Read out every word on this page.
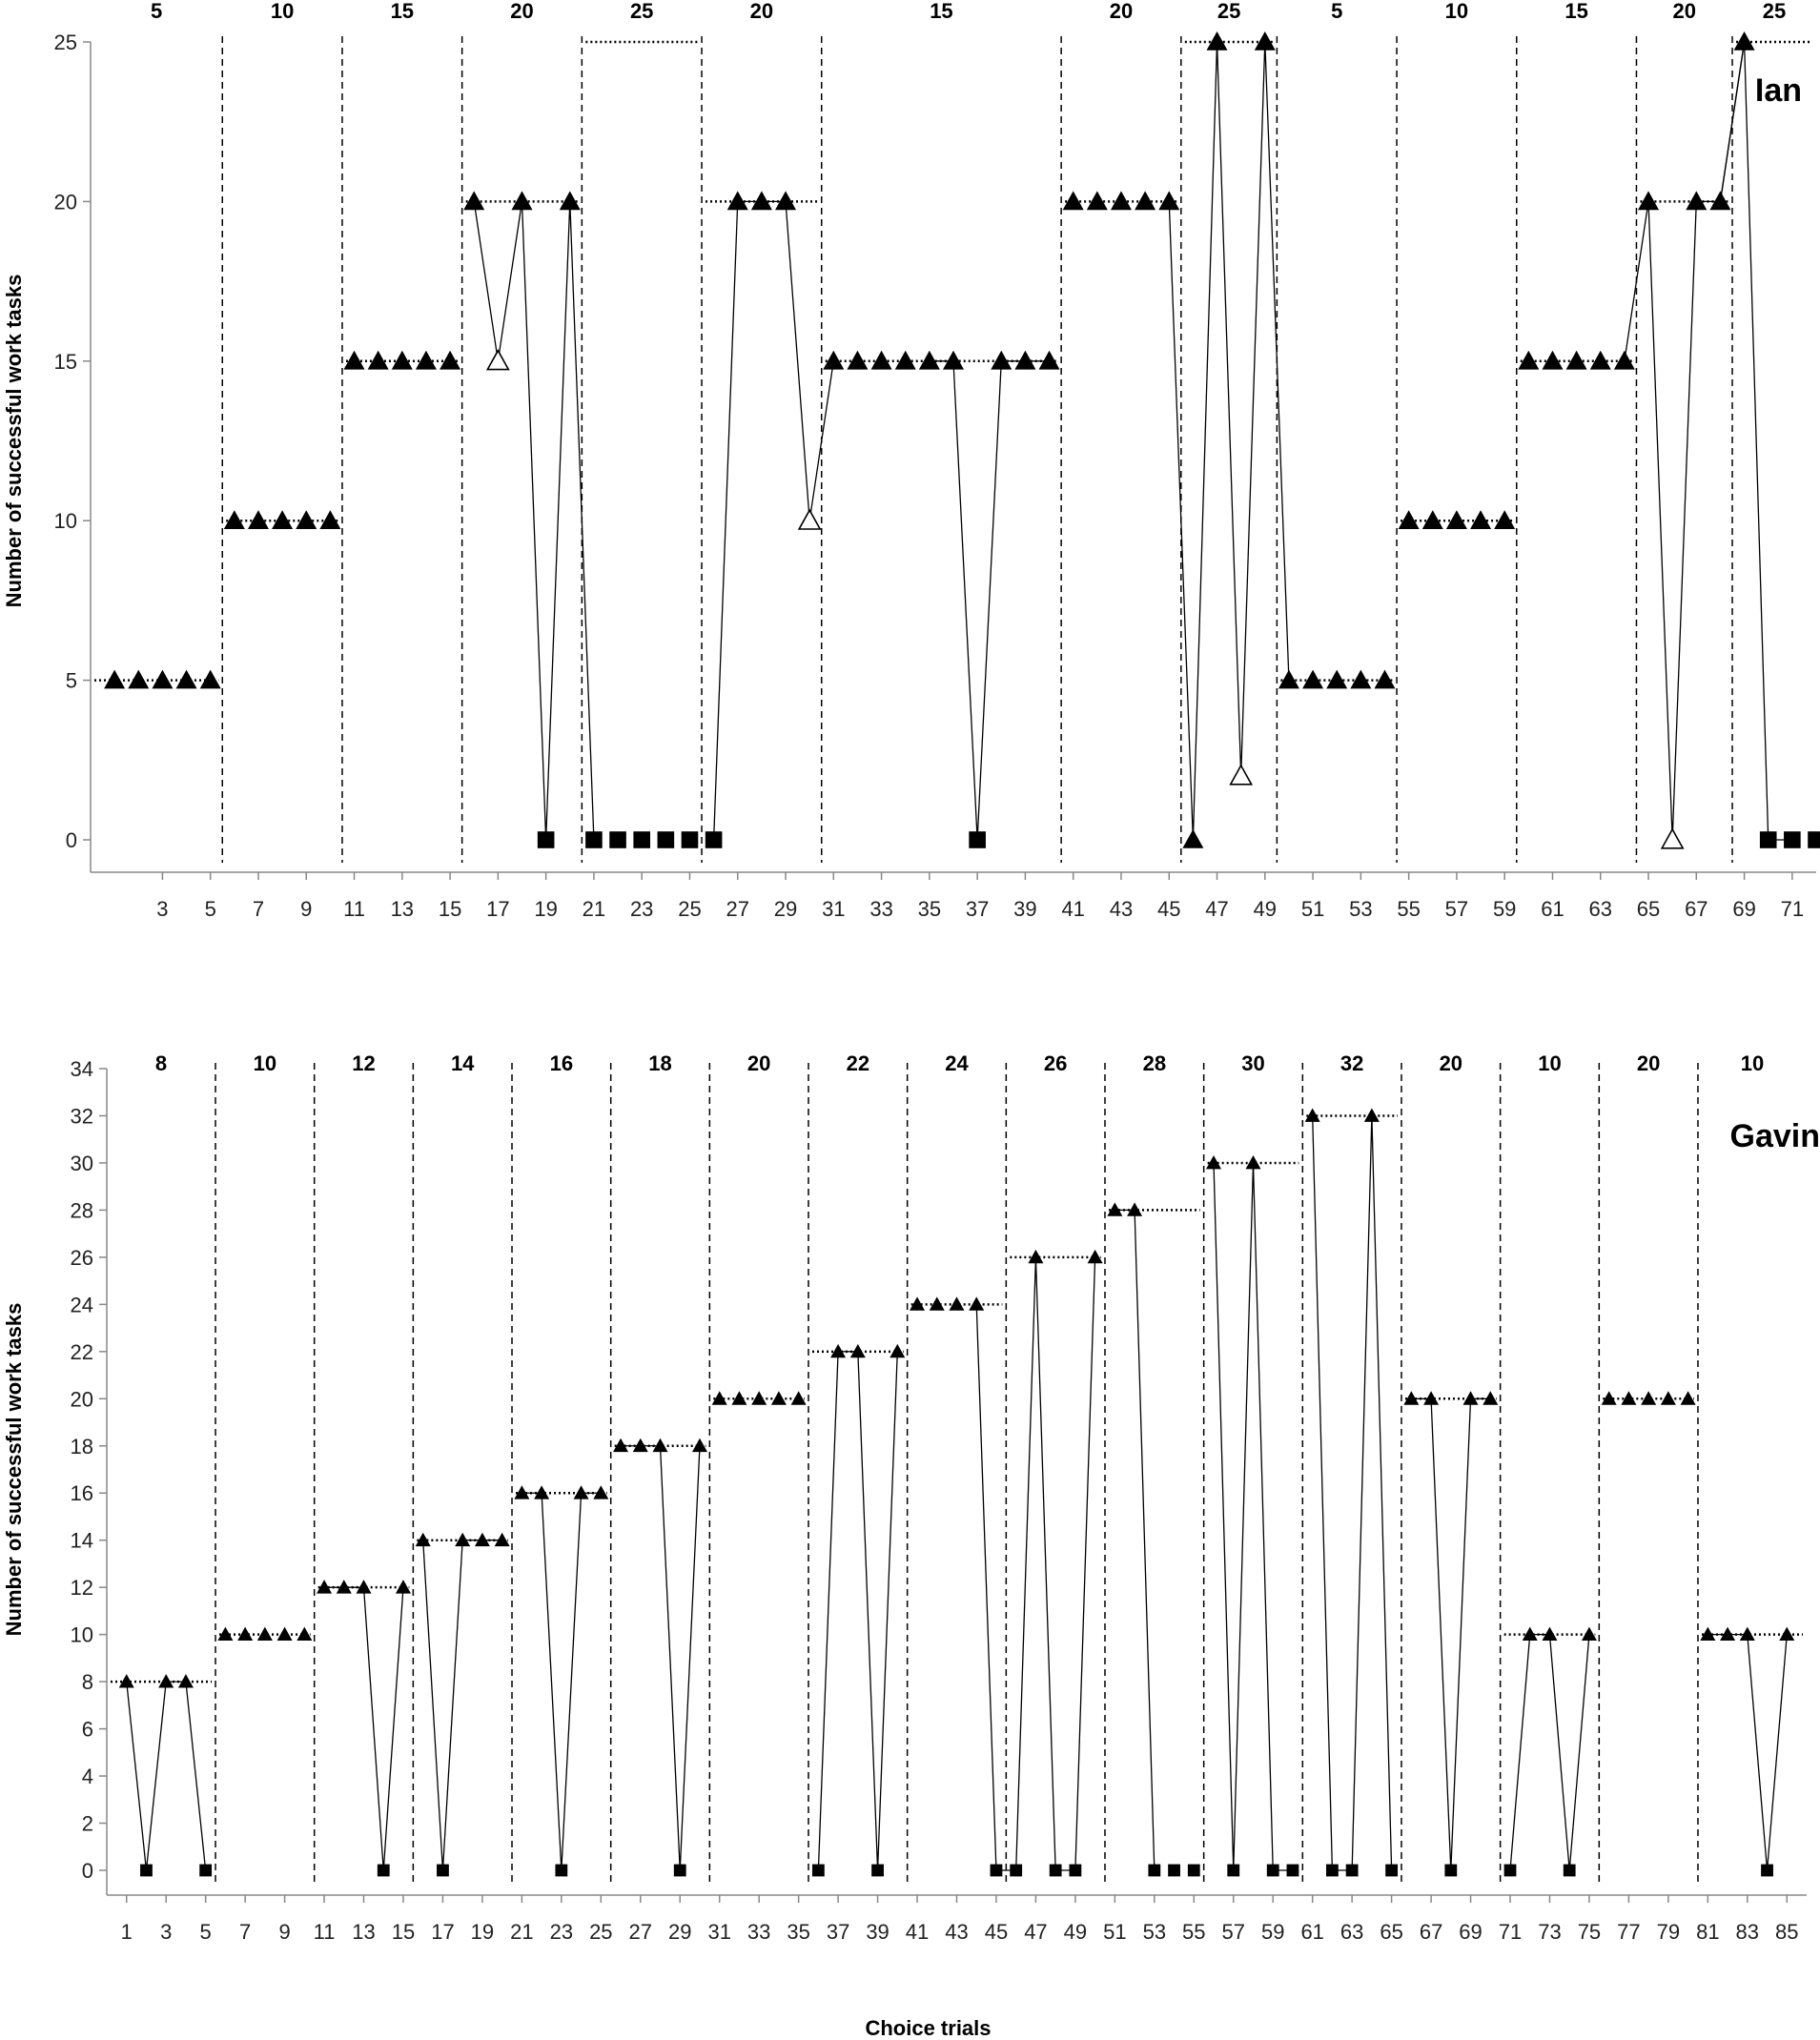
0
5
10
15
20
25
3 5 7 9 11 13 15 17 19 21 23 25 27 29 31 33 35 37 39 41 43 45 47 49 51 53 55 57 59 61 63 65 67 69 71
5	10	15	20	25	20	15	20	25	5	10	15	20	25
Ian
Number of successful work tasks
0
2
4
6
8
10
12
14
16
18
20
22
24
26
28
30
32
34
1 3 5 7 9 11 13 15 17 19 21 23 25 27 29 31 33 35 37 39 41 43 45 47 49 51 53 55 57 59 61 63 65 67 69 71 73 75 77 79 81 83 85
8	10	12	14	16	18	20	22	24	26	28	30	32	20	10	20	10
Gavin
Number of successful work tasks
Choice trials
